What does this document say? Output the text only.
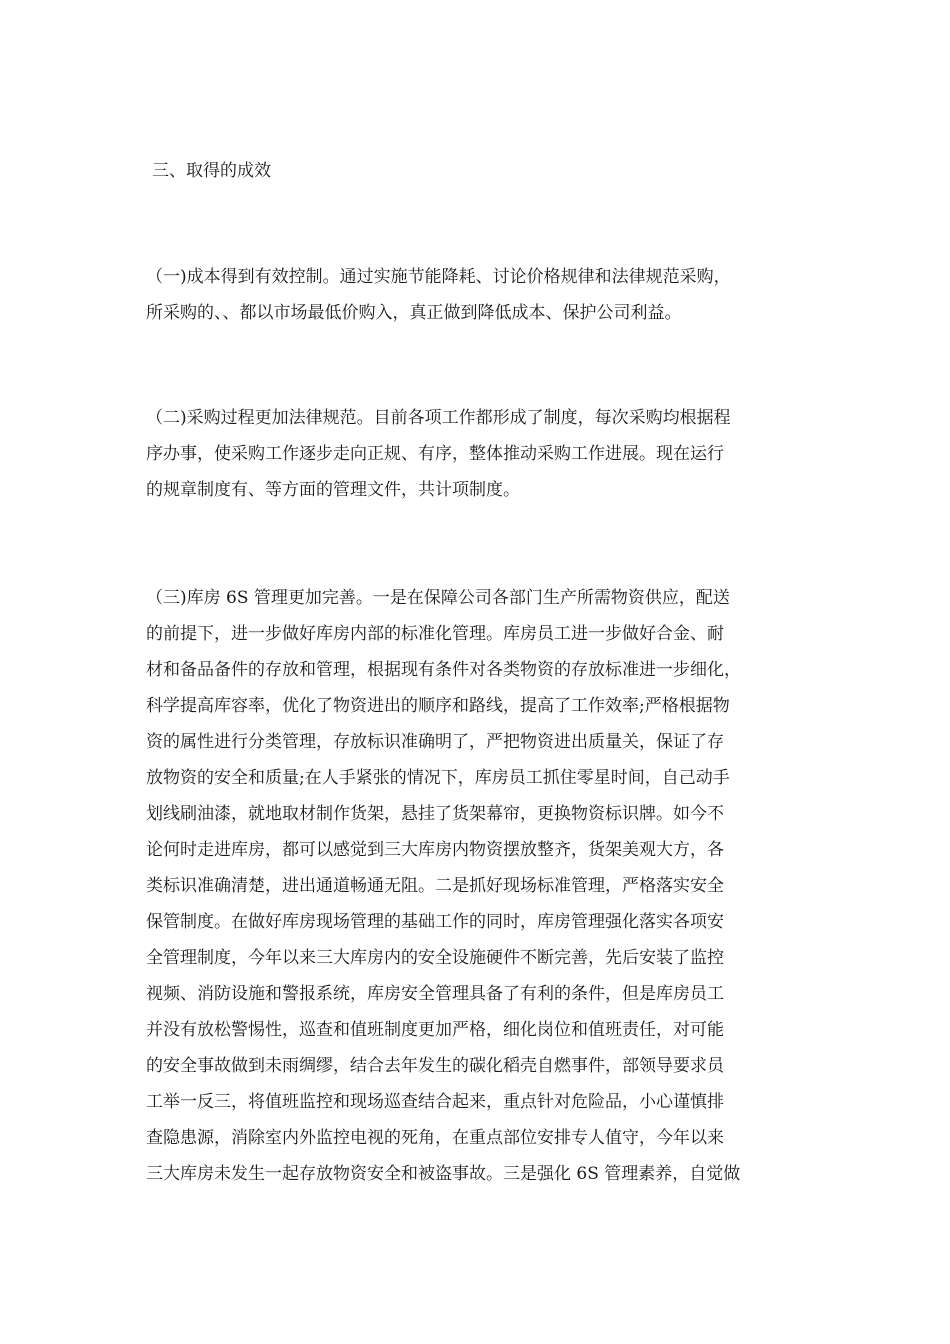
三、取得的成效
（一)成本得到有效控制。通过实施节能降耗、讨论价格规律和法律规范采购，
所采购的、、都以市场最低价购入，真正做到降低成本、保护公司利益。
（二)采购过程更加法律规范。目前各项工作都形成了制度，每次采购均根据程
序办事，使采购工作逐步走向正规、有序，整体推动采购工作进展。现在运行
的规章制度有、等方面的管理文件，共计项制度。
（三)库房 6S 管理更加完善。一是在保障公司各部门生产所需物资供应，配送
的前提下，进一步做好库房内部的标准化管理。库房员工进一步做好合金、耐
材和备品备件的存放和管理，根据现有条件对各类物资的存放标准进一步细化，
科学提高库容率，优化了物资进出的顺序和路线，提高了工作效率;严格根据物
资的属性进行分类管理，存放标识准确明了，严把物资进出质量关，保证了存
放物资的安全和质量;在人手紧张的情况下，库房员工抓住零星时间，自己动手
划线刷油漆，就地取材制作货架，悬挂了货架幕帘，更换物资标识牌。如今不
论何时走进库房，都可以感觉到三大库房内物资摆放整齐，货架美观大方，各
类标识准确清楚，进出通道畅通无阻。二是抓好现场标准管理，严格落实安全
保管制度。在做好库房现场管理的基础工作的同时，库房管理强化落实各项安
全管理制度，今年以来三大库房内的安全设施硬件不断完善，先后安装了监控
视频、消防设施和警报系统，库房安全管理具备了有利的条件，但是库房员工
并没有放松警惕性，巡查和值班制度更加严格，细化岗位和值班责任，对可能
的安全事故做到未雨绸缪，结合去年发生的碳化稻壳自燃事件，部领导要求员
工举一反三，将值班监控和现场巡查结合起来，重点针对危险品，小心谨慎排
查隐患源，消除室内外监控电视的死角，在重点部位安排专人值守，今年以来
三大库房未发生一起存放物资安全和被盗事故。三是强化 6S 管理素养，自觉做
